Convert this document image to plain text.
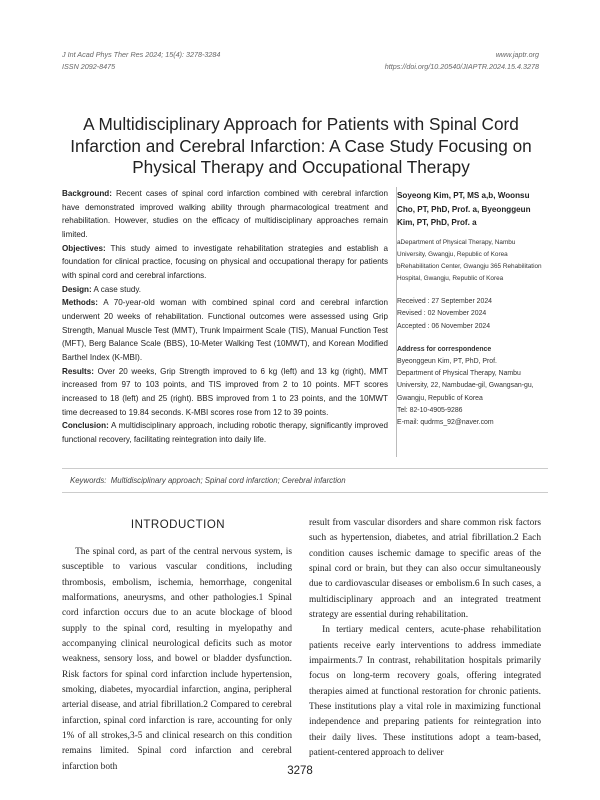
J Int Acad Phys Ther Res 2024; 15(4): 3278-3284
ISSN 2092-8475
www.japtr.org
https://doi.org/10.20540/JIAPTR.2024.15.4.3278
A Multidisciplinary Approach for Patients with Spinal Cord Infarction and Cerebral Infarction: A Case Study Focusing on Physical Therapy and Occupational Therapy

Background: Recent cases of spinal cord infarction combined with cerebral infarction have demonstrated improved walking ability through pharmacological treatment and rehabilitation. However, studies on the efficacy of multidisciplinary approaches remain limited.

Objectives: This study aimed to investigate rehabilitation strategies and establish a foundation for clinical practice, focusing on physical and occupational therapy for patients with spinal cord and cerebral infarctions.

Design: A case study.

Methods: A 70-year-old woman with combined spinal cord and cerebral infarction underwent 20 weeks of rehabilitation. Functional outcomes were assessed using Grip Strength, Manual Muscle Test (MMT), Trunk Impairment Scale (TIS), Manual Function Test (MFT), Berg Balance Scale (BBS), 10-Meter Walking Test (10MWT), and Korean Modified Barthel Index (K-MBI).

Results: Over 20 weeks, Grip Strength improved to 6 kg (left) and 13 kg (right), MMT increased from 97 to 103 points, and TIS improved from 2 to 10 points. MFT scores increased to 18 (left) and 25 (right). BBS improved from 1 to 23 points, and the 10MWT time decreased to 19.84 seconds. K-MBI scores rose from 12 to 39 points.

Conclusion: A multidisciplinary approach, including robotic therapy, significantly improved functional recovery, facilitating reintegration into daily life.

Soyeong Kim, PT, MS a,b, Woonsu Cho, PT, PhD, Prof. a, Byeonggeun Kim, PT, PhD, Prof. a

aDepartment of Physical Therapy, Nambu University, Gwangju, Republic of Korea

bRehabilitation Center, Gwangju 365 Rehabilitation Hospital, Gwangju, Republic of Korea

Received : 27 September 2024

Revised : 02 November 2024

Accepted : 06 November 2024

Address for correspondence

Byeonggeun Kim, PT, PhD, Prof.

Department of Physical Therapy, Nambu University, 22, Nambudae-gil, Gwangsan-gu, Gwangju, Republic of Korea

Tel: 82-10-4905-9286

E-mail: qudrms_92@naver.com

Keywords: Multidisciplinary approach; Spinal cord infarction; Cerebral infarction
INTRODUCTION

The spinal cord, as part of the central nervous system, is susceptible to various vascular conditions, including thrombosis, embolism, ischemia, hemorrhage, congenital malformations, aneurysms, and other pathologies.1 Spinal cord infarction occurs due to an acute blockage of blood supply to the spinal cord, resulting in myelopathy and accompanying clinical neurological deficits such as motor weakness, sensory loss, and bowel or bladder dysfunction. Risk factors for spinal cord infarction include hypertension, smoking, diabetes, myocardial infarction, angina, peripheral arterial disease, and atrial fibrillation.2 Compared to cerebral infarction, spinal cord infarction is rare, accounting for only 1% of all strokes,3-5 and clinical research on this condition remains limited. Spinal cord infarction and cerebral infarction both

result from vascular disorders and share common risk factors such as hypertension, diabetes, and atrial fibrillation.2 Each condition causes ischemic damage to specific areas of the spinal cord or brain, but they can also occur simultaneously due to cardiovascular diseases or embolism.6 In such cases, a multidisciplinary approach and an integrated treatment strategy are essential during rehabilitation.

In tertiary medical centers, acute-phase rehabilitation patients receive early interventions to address immediate impairments.7 In contrast, rehabilitation hospitals primarily focus on long-term recovery goals, offering integrated therapies aimed at functional restoration for chronic patients. These institutions play a vital role in maximizing functional independence and preparing patients for reintegration into their daily lives. These institutions adopt a team-based, patient-centered approach to deliver

3278
